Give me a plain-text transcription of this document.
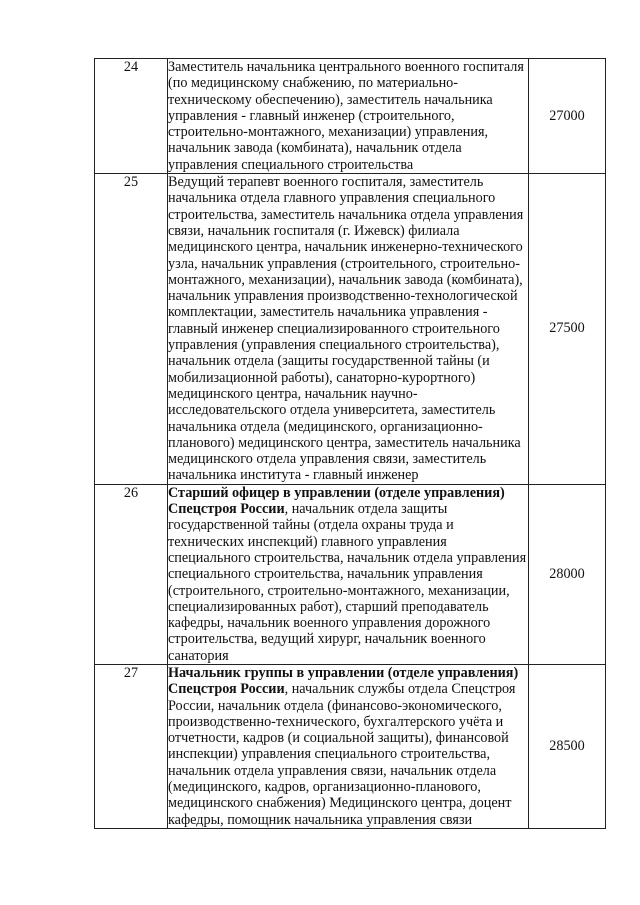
24	Заместитель начальника центрального военного госпиталя (по медицинскому снабжению, по материально-техническому обеспечению), заместитель начальника управления - главный инженер (строительного, строительно-монтажного, механизации) управления, начальник завода (комбината), начальник отдела управления специального строительства	27000
25	Ведущий терапевт военного госпиталя, заместитель начальника отдела главного управления специального строительства, заместитель начальника отдела управления связи, начальник госпиталя (г. Ижевск) филиала медицинского центра, начальник инженерно-технического узла, начальник управления (строительного, строительно-монтажного, механизации), начальник завода (комбината), начальник управления производственно-технологической комплектации, заместитель начальника управления - главный инженер специализированного строительного управления (управления специального строительства), начальник отдела (защиты государственной тайны (и мобилизационной работы), санаторно-курортного) медицинского центра, начальник научно-исследовательского отдела университета, заместитель начальника отдела (медицинского, организационно-планового) медицинского центра, заместитель начальника медицинского отдела управления связи, заместитель начальника института - главный инженер	27500
26	Старший офицер в управлении (отделе управления) Спецстроя России, начальник отдела защиты государственной тайны (отдела охраны труда и технических инспекций) главного управления специального строительства, начальник отдела управления специального строительства, начальник управления (строительного, строительно-монтажного, механизации, специализированных работ), старший преподаватель кафедры, начальник военного управления дорожного строительства, ведущий хирург, начальник военного санатория	28000
27	Начальник группы в управлении (отделе управления) Спецстроя России, начальник службы отдела Спецстроя России, начальник отдела (финансово-экономического, производственно-технического, бухгалтерского учёта и отчетности, кадров (и социальной защиты), финансовой инспекции) управления специального строительства, начальник отдела управления связи, начальник отдела (медицинского, кадров, организационно-планового, медицинского снабжения) Медицинского центра, доцент кафедры, помощник начальника управления связи	28500
